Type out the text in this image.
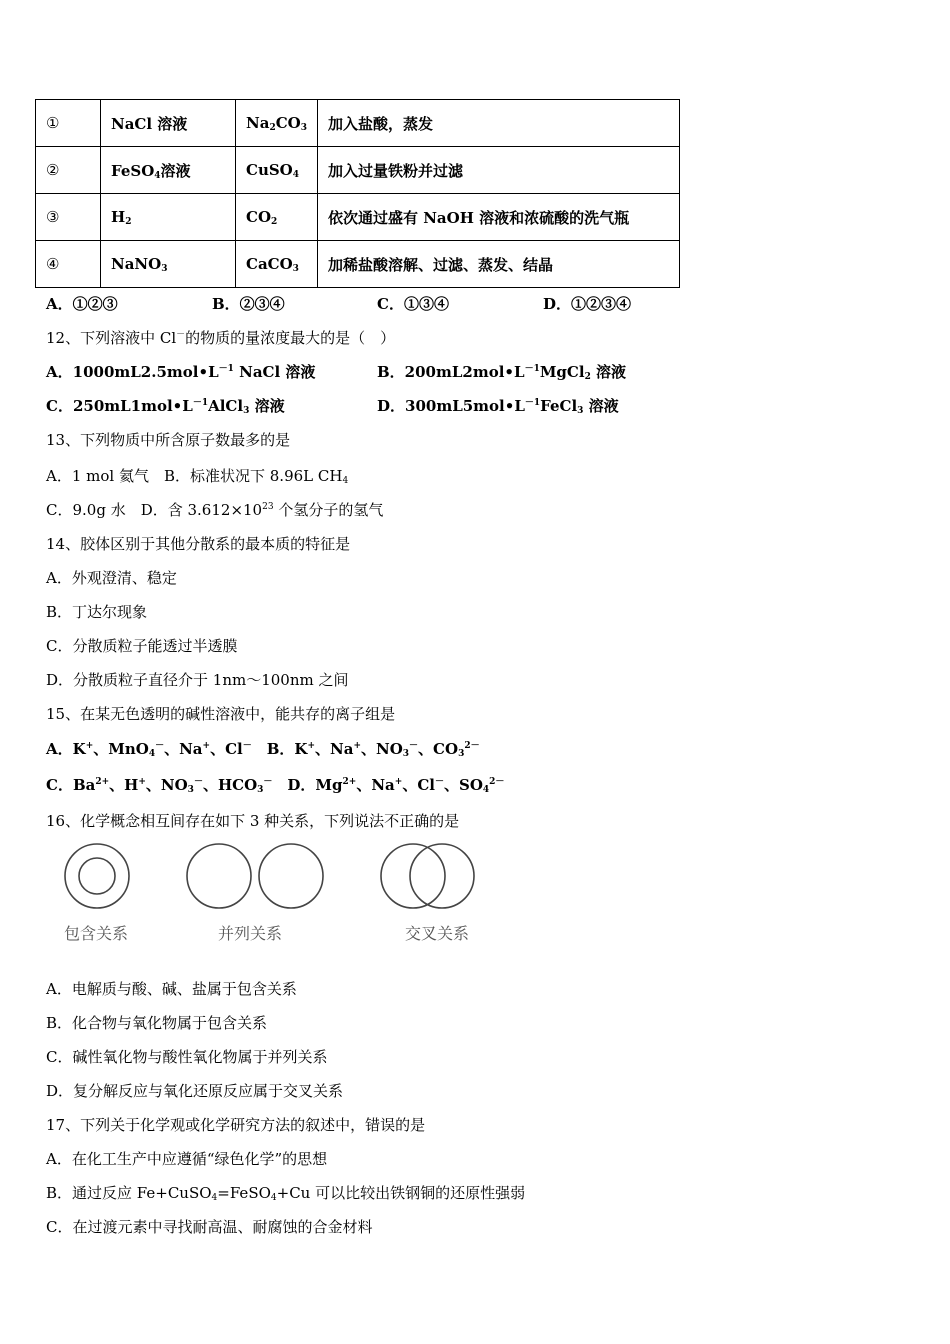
①	NaCl 溶液	$Na_2CO_3$	加入盐酸，蒸发
②	FeSO$_4$溶液	CuSO$_4$	加入过量铁粉并过滤
③	$H_2$	$CO_2$	依次通过盛有 NaOH 溶液和浓硫酸的洗气瓶
④	NaNO$_3$	CaCO$_3$	加稀盐酸溶解、过滤、蒸发、结晶
A．①②③	B．②③④	C．①③④	D．①②③④
12、下列溶液中 Cl－的物质的量浓度最大的是（　）
A．$1000mL2.5mol•L^{-1}$ NaCl 溶液	B．$200mL2mol•L^{-1}MgCl_2$ 溶液
C．$250mL1mol•L^{-1}AlCl_3$ 溶液	D．$300mL5mol•L^{-1}FeCl_3$ 溶液
13、下列物质中所含原子数最多的是
A．1 mol 氦气　B．标准状况下 8.96L $CH_4$
C．9.0g 水　D．含 $3.612\times 10^{23}$ 个氢分子的氢气
14、胶体区别于其他分散系的最本质的特征是
A．外观澄清、稳定
B．丁达尔现象
C．分散质粒子能透过半透膜
D．分散质粒子直径介于 1nm～100nm 之间
15、在某无色透明的碱性溶液中，能共存的离子组是
A．K+、MnO$_4$－、Na+、Cl－　B．K+、Na+、$NO_3^-$、$CO_3^{2-}$
C．$Ba^{2+}$、H+、$NO_3^-$、$HCO_3^-$　D．$Mg^{2+}$、Na+、Cl－、$SO_4^{2-}$
16、化学概念相互间存在如下 3 种关系，下列说法不正确的是
包含关系	并列关系	交叉关系
A．电解质与酸、碱、盐属于包含关系
B．化合物与氧化物属于包含关系
C．碱性氧化物与酸性氧化物属于并列关系
D．复分解反应与氧化还原反应属于交叉关系
17、下列关于化学观或化学研究方法的叙述中，错误的是
A．在化工生产中应遵循“绿色化学”的思想
B．通过反应 Fe+CuSO$_4$=FeSO$_4$+Cu 可以比较出铁钢铜的还原性强弱
C．在过渡元素中寻找耐高温、耐腐蚀的合金材料
